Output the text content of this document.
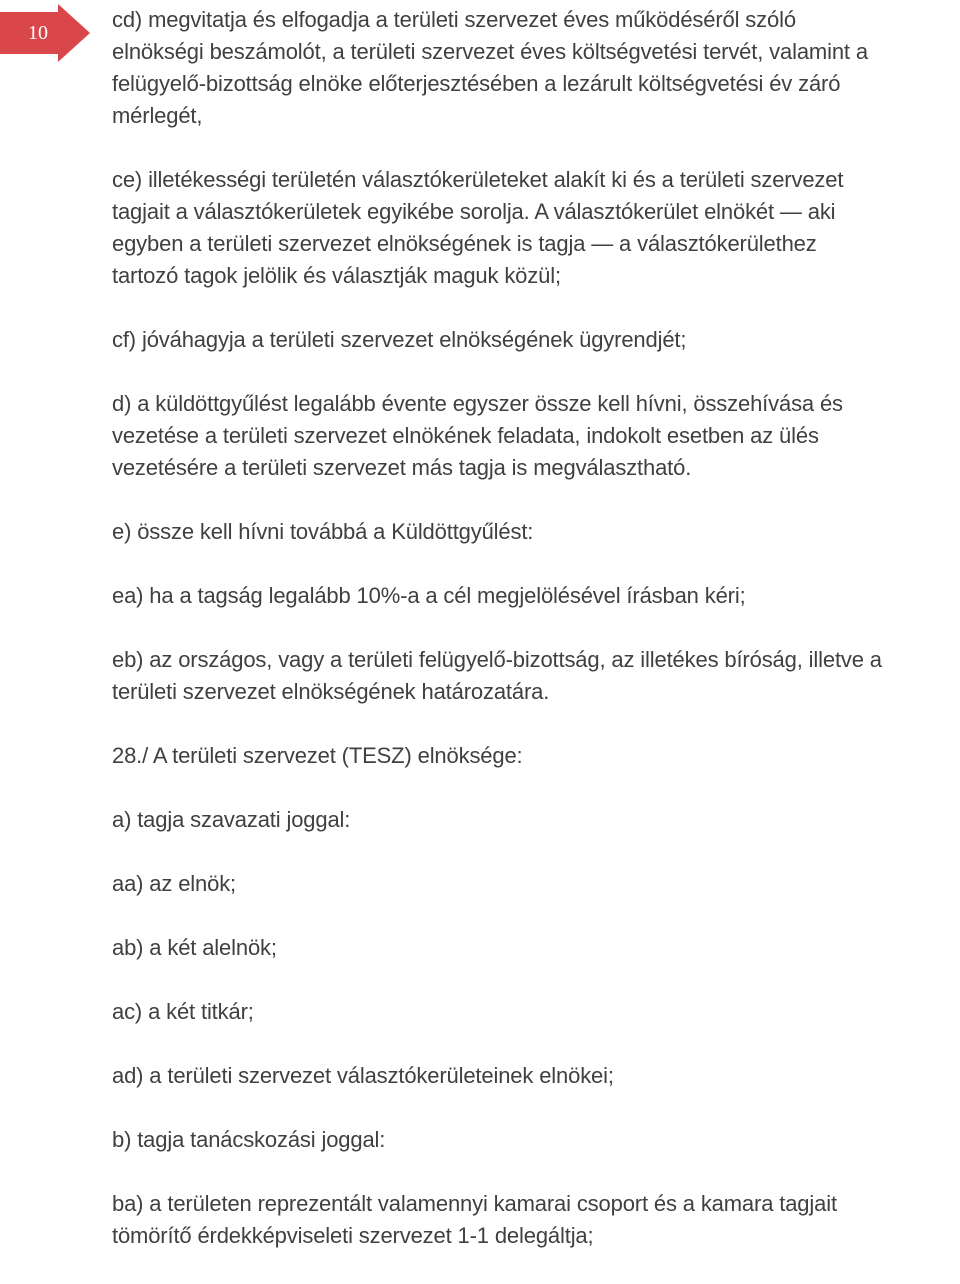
10

cd) megvitatja és elfogadja a területi szervezet éves működéséről szóló
elnökségi beszámolót, a területi szervezet éves költségvetési tervét, valamint a
felügyelő-bizottság elnöke előterjesztésében a lezárult költségvetési év záró
mérlegét,

ce) illetékességi területén választókerületeket alakít ki és a területi szervezet
tagjait a választókerületek egyikébe sorolja. A választókerület elnökét — aki
egyben a területi szervezet elnökségének is tagja — a választókerülethez
tartozó tagok jelölik és választják maguk közül;

cf) jóváhagyja a területi szervezet elnökségének ügyrendjét;

d) a küldöttgyűlést legalább évente egyszer össze kell hívni, összehívása és
vezetése a területi szervezet elnökének feladata, indokolt esetben az ülés
vezetésére a területi szervezet más tagja is megválasztható.

e) össze kell hívni továbbá a Küldöttgyűlést:

ea) ha a tagság legalább 10%-a a cél megjelölésével írásban kéri;

eb) az országos, vagy a területi felügyelő-bizottság, az illetékes bíróság, illetve a
területi szervezet elnökségének határozatára.

28./ A területi szervezet (TESZ) elnöksége:

a) tagja szavazati joggal:

aa) az elnök;

ab) a két alelnök;

ac) a két titkár;

ad) a területi szervezet választókerületeinek elnökei;

b) tagja tanácskozási joggal:

ba) a területen reprezentált valamennyi kamarai csoport és a kamara tagjait
tömörítő érdekképviseleti szervezet 1-1 delegáltja;
